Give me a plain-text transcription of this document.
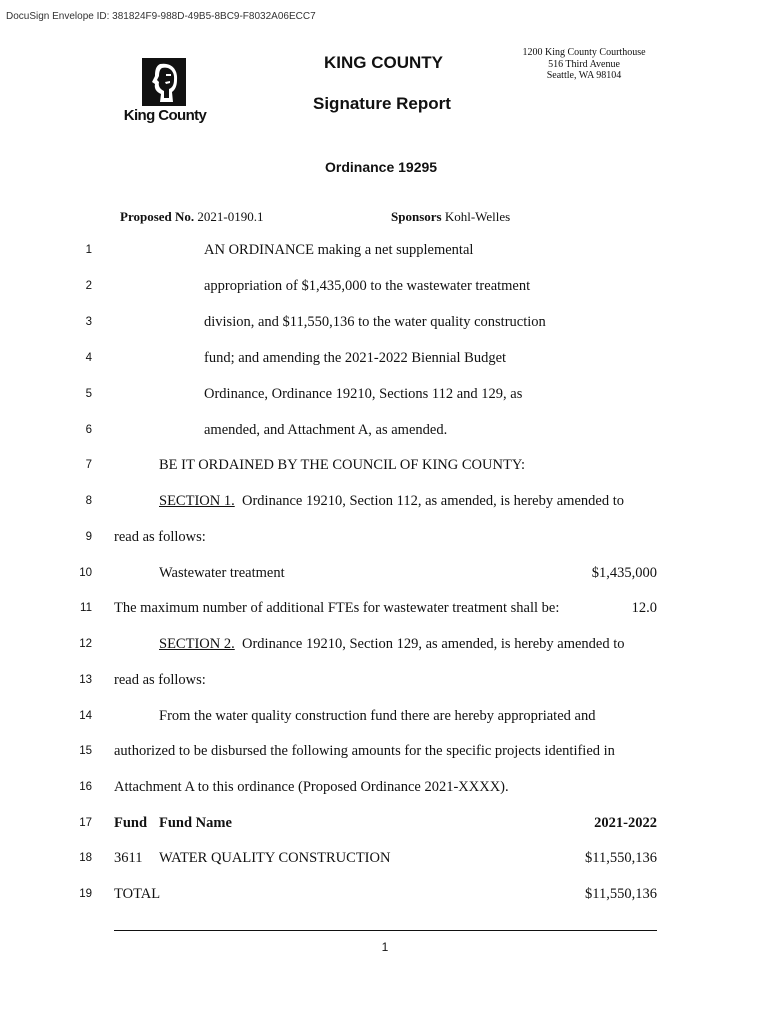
DocuSign Envelope ID: 381824F9-988D-49B5-8BC9-F8032A06ECC7
King County
KING COUNTY
Signature Report
1200 King County Courthouse
516 Third Avenue
Seattle, WA 98104
Ordinance 19295
Proposed No. 2021-0190.1	Sponsors Kohl-Welles
1
2
3
4
5
6
7
8
9
10
11
12
13
14
15
16
17
18
19
AN ORDINANCE making a net supplemental
appropriation of $1,435,000 to the wastewater treatment
division, and $11,550,136 to the water quality construction
fund; and amending the 2021-2022 Biennial Budget
Ordinance, Ordinance 19210, Sections 112 and 129, as
amended, and Attachment A, as amended.
BE IT ORDAINED BY THE COUNCIL OF KING COUNTY:
SECTION 1. Ordinance 19210, Section 112, as amended, is hereby amended to
read as follows:
Wastewater treatment	$1,435,000
The maximum number of additional FTEs for wastewater treatment shall be:	12.0
SECTION 2. Ordinance 19210, Section 129, as amended, is hereby amended to
read as follows:
From the water quality construction fund there are hereby appropriated and
authorized to be disbursed the following amounts for the specific projects identified in
Attachment A to this ordinance (Proposed Ordinance 2021-XXXX).
Fund Fund Name	2021-2022
3611 WATER QUALITY CONSTRUCTION	$11,550,136
TOTAL	$11,550,136
1
